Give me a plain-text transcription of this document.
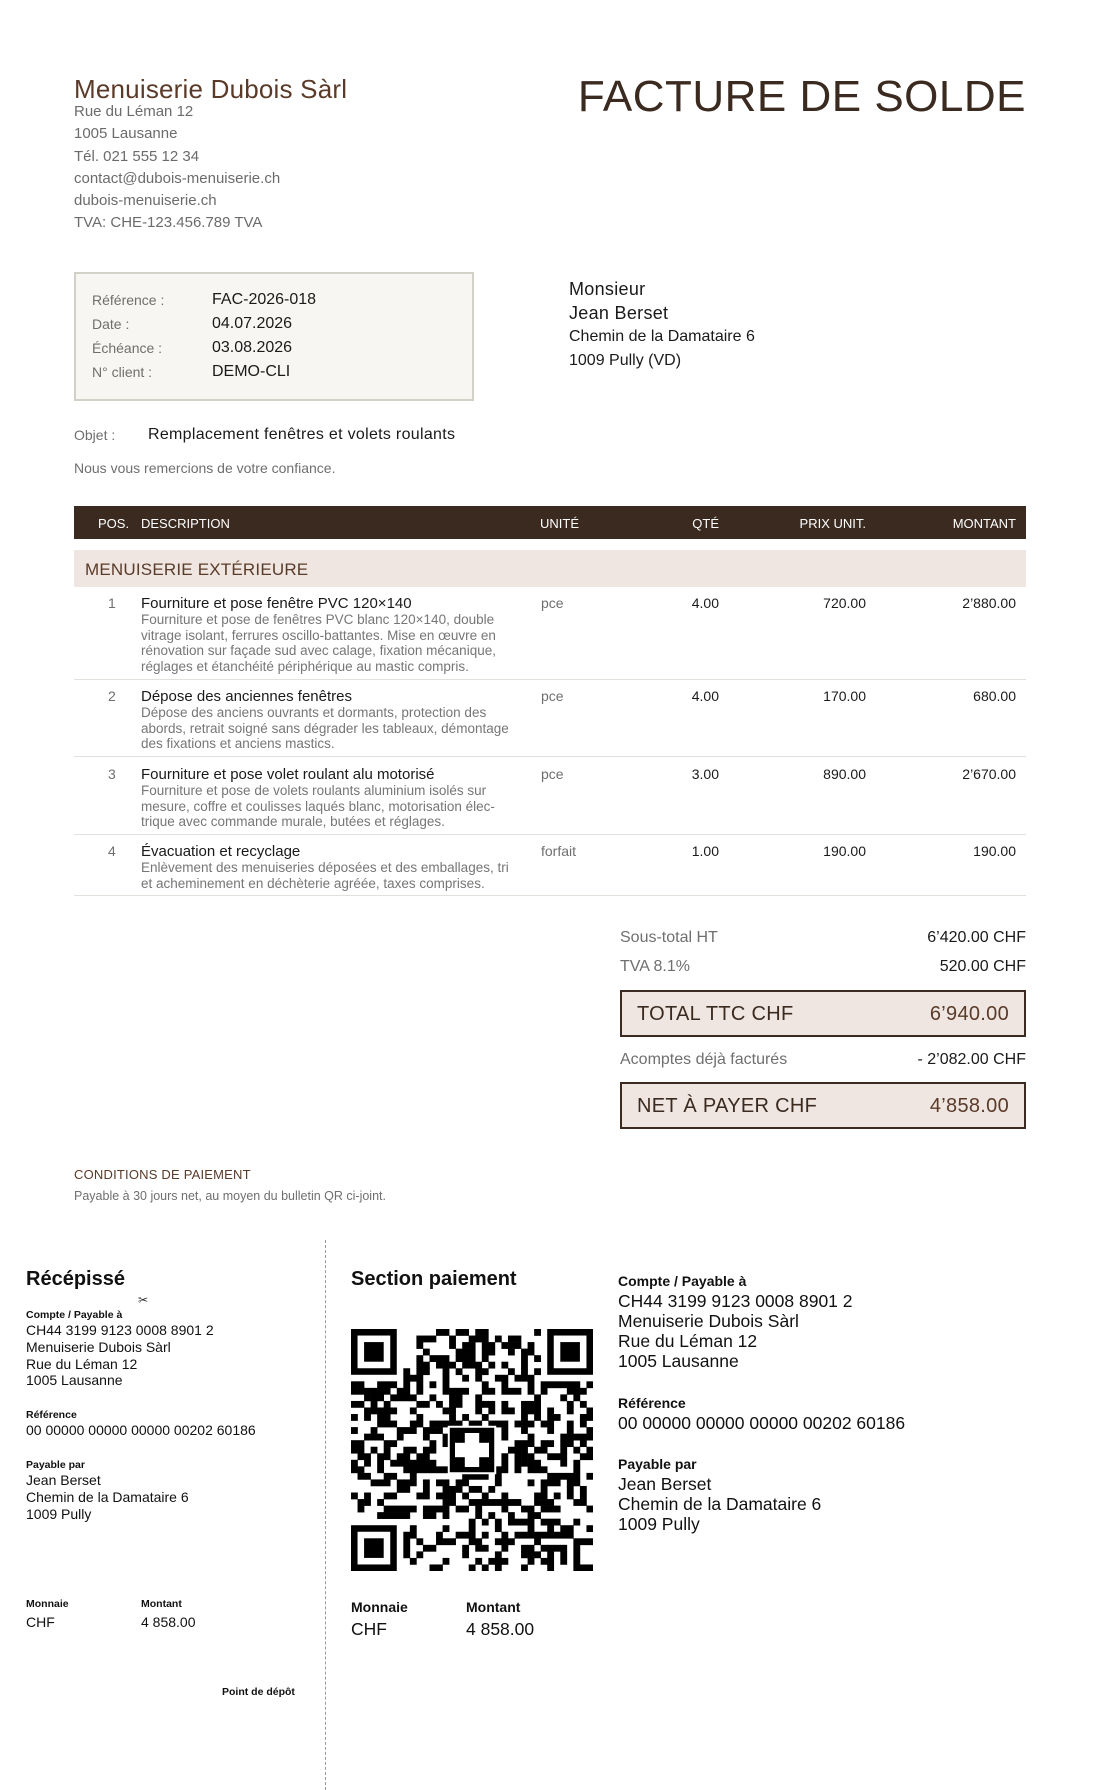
Menuiserie Dubois Sàrl
Rue du Léman 12
1005 Lausanne
Tél. 021 555 12 34
contact@dubois-menuiserie.ch
dubois-menuiserie.ch
TVA: CHE-123.456.789 TVA
FACTURE DE SOLDE
Référence :	FAC-2026-018
Date :	04.07.2026
Échéance :	03.08.2026
N° client :	DEMO-CLI
Monsieur
Jean Berset
Chemin de la Damataire 6
1009 Pully (VD)
Objet : Remplacement fenêtres et volets roulants
Nous vous remercions de votre confiance.
POS. DESCRIPTION	UNITÉ	QTÉ	PRIX UNIT.	MONTANT
MENUISERIE EXTÉRIEURE
1 Fourniture et pose fenêtre PVC 120×140
Fourniture et pose de fenêtres PVC blanc 120×140, double
vitrage isolant, ferrures oscillo-battantes. Mise en œuvre en
rénovation sur façade sud avec calage, fixation mécanique,
réglages et étanchéité périphérique au mastic compris.
pce	4.00	720.00	2’880.00
2 Dépose des anciennes fenêtres
Dépose des anciens ouvrants et dormants, protection des
abords, retrait soigné sans dégrader les tableaux, démontage
des fixations et anciens mastics.
pce	4.00	170.00	680.00
3 Fourniture et pose volet roulant alu motorisé
Fourniture et pose de volets roulants aluminium isolés sur
mesure, coffre et coulisses laqués blanc, motorisation élec-
trique avec commande murale, butées et réglages.
pce	3.00	890.00	2’670.00
4 Évacuation et recyclage
Enlèvement des menuiseries déposées et des emballages, tri
et acheminement en déchèterie agréée, taxes comprises.
forfait	1.00	190.00	190.00
Sous-total HT	6’420.00 CHF
TVA 8.1%	520.00 CHF
TOTAL TTC CHF	6’940.00
Acomptes déjà facturés	- 2’082.00 CHF
NET À PAYER CHF	4’858.00
CONDITIONS DE PAIEMENT
Payable à 30 jours net, au moyen du bulletin QR ci-joint.
Récépissé
✂
Compte / Payable à
CH44 3199 9123 0008 8901 2
Menuiserie Dubois Sàrl
Rue du Léman 12
1005 Lausanne
Référence
00 00000 00000 00000 00202 60186
Payable par
Jean Berset
Chemin de la Damataire 6
1009 Pully
Monnaie
CHF
Montant
4 858.00
Point de dépôt
Section paiement
Monnaie
CHF
Montant
4 858.00
Compte / Payable à
CH44 3199 9123 0008 8901 2
Menuiserie Dubois Sàrl
Rue du Léman 12
1005 Lausanne
Référence
00 00000 00000 00000 00202 60186
Payable par
Jean Berset
Chemin de la Damataire 6
1009 Pully
